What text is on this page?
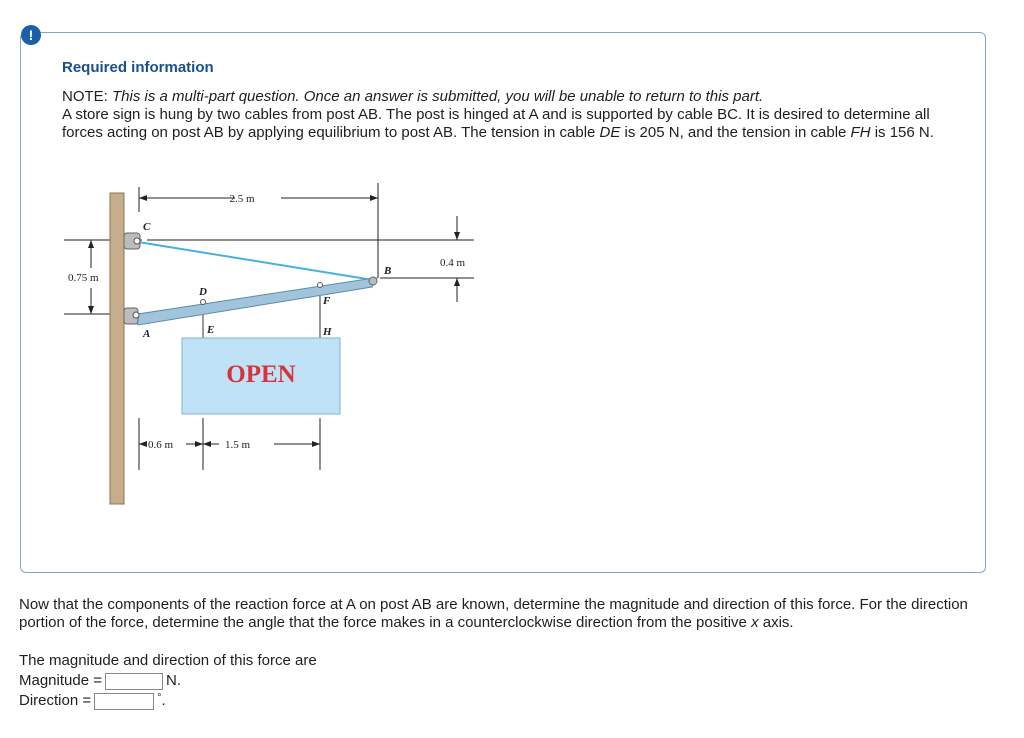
!
Required information

NOTE: This is a multi-part question. Once an answer is submitted, you will be unable to return to this part.

A store sign is hung by two cables from post AB. The post is hinged at A and is supported by cable BC. It is desired to determine all forces acting on post AB by applying equilibrium to post AB. The tension in cable DE is 205 N, and the tension in cable FH is 156 N.

2.5 m
0.75 m
0.4 m
0.6 m	1.5 m
C
B
A
D
E
F
H
OPEN
Now that the components of the reaction force at A on post AB are known, determine the magnitude and direction of this force. For the direction portion of the force, determine the angle that the force makes in a counterclockwise direction from the positive x axis.
The magnitude and direction of this force are
Magnitude =	N.
Direction =	° .
